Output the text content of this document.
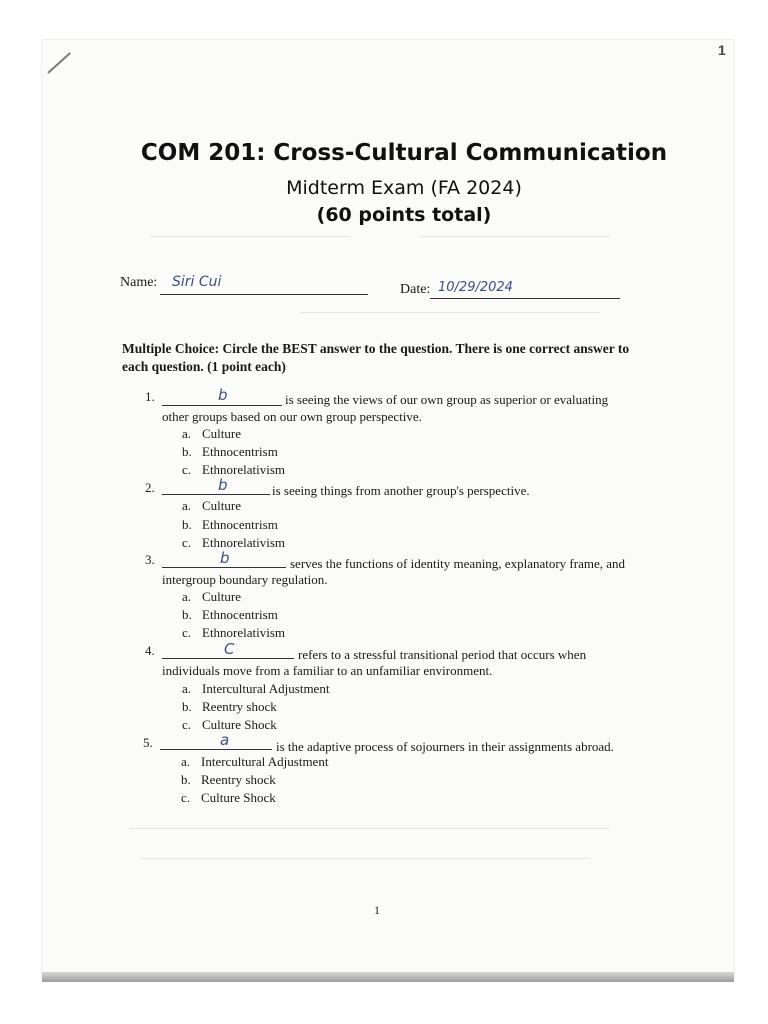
1
COM 201: Cross-Cultural Communication
Midterm Exam (FA 2024)
(60 points total)
Name: Siri Cui	Date: 10/29/2024
Multiple Choice: Circle the BEST answer to the question. There is one correct answer to each question. (1 point each)
1.	b	is seeing the views of our own group as superior or evaluating
other groups based on our own group perspective.
a. Culture
b. Ethnocentrism
c. Ethnorelativism
2.	b	is seeing things from another group's perspective.
a. Culture
b. Ethnocentrism
c. Ethnorelativism
3.	b	serves the functions of identity meaning, explanatory frame, and
intergroup boundary regulation.
a. Culture
b. Ethnocentrism
c. Ethnorelativism
4.	C	refers to a stressful transitional period that occurs when
individuals move from a familiar to an unfamiliar environment.
a. Intercultural Adjustment
b. Reentry shock
c. Culture Shock
5.	a	is the adaptive process of sojourners in their assignments abroad.
a. Intercultural Adjustment
b. Reentry shock
c. Culture Shock
1
